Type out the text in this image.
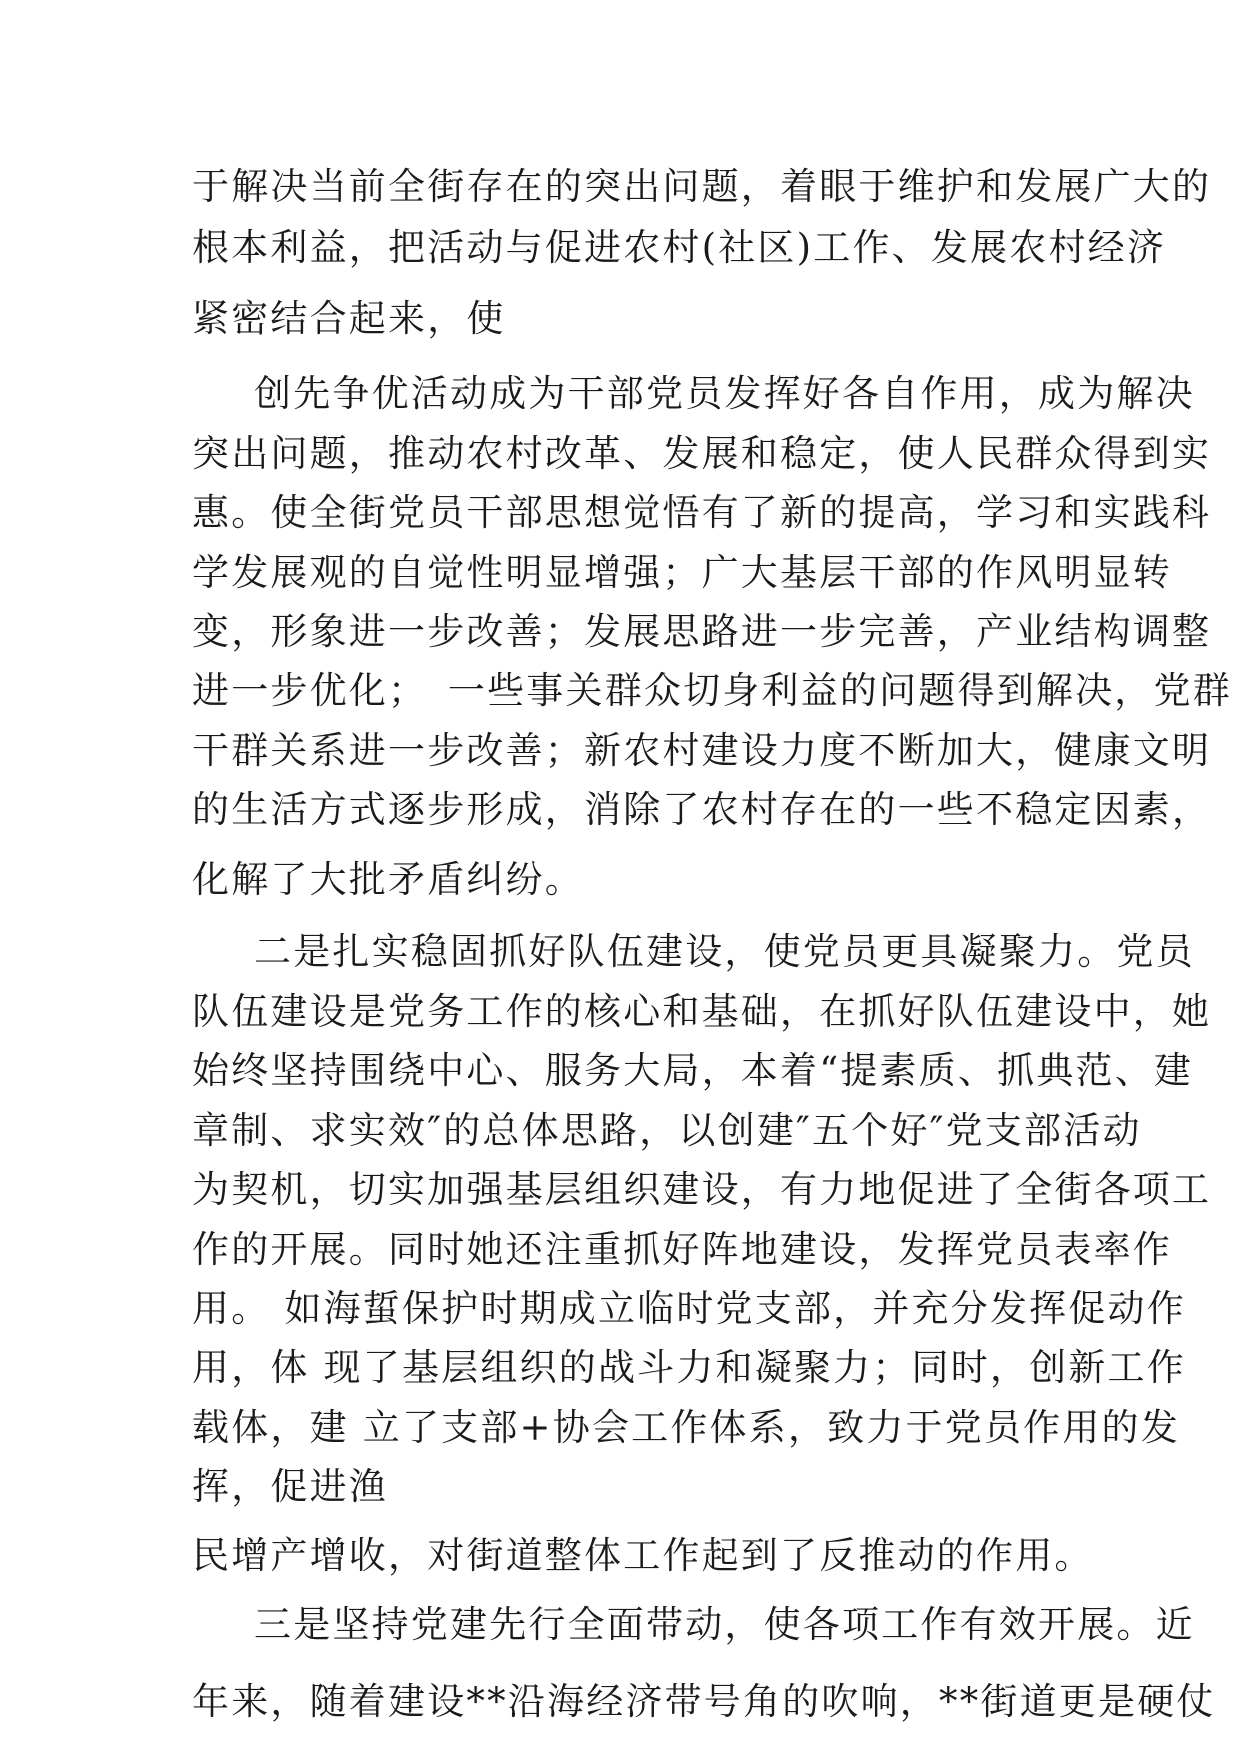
于解决当前全街存在的突出问题，着眼于维护和发展广大的
根本利益，把活动与促进农村(社区)工作、发展农村经济
紧密结合起来，使
创先争优活动成为干部党员发挥好各自作用，成为解决
突出问题，推动农村改革、发展和稳定，使人民群众得到实
惠。使全街党员干部思想觉悟有了新的提高，学习和实践科
学发展观的自觉性明显增强；广大基层干部的作风明显转
变，形象进一步改善；发展思路进一步完善，产业结构调整
进一步优化；　一些事关群众切身利益的问题得到解决，党群
干群关系进一步改善；新农村建设力度不断加大，健康文明
的生活方式逐步形成，消除了农村存在的一些不稳定因素，
化解了大批矛盾纠纷。
二是扎实稳固抓好队伍建设，使党员更具凝聚力。党员
队伍建设是党务工作的核心和基础，在抓好队伍建设中，她
始终坚持围绕中心、服务大局，本着“提素质、抓典范、建
章制、求实效″的总体思路，以创建″五个好″党支部活动
为契机，切实加强基层组织建设，有力地促进了全街各项工
作的开展。同时她还注重抓好阵地建设，发挥党员表率作
用。 如海蜇保护时期成立临时党支部，并充分发挥促动作
用，体 现了基层组织的战斗力和凝聚力；同时，创新工作
载体，建 立了支部+协会工作体系，致力于党员作用的发
挥，促进渔
民增产增收，对街道整体工作起到了反推动的作用。
三是坚持党建先行全面带动，使各项工作有效开展。近
年来，随着建设**沿海经济带号角的吹响，**街道更是硬仗
